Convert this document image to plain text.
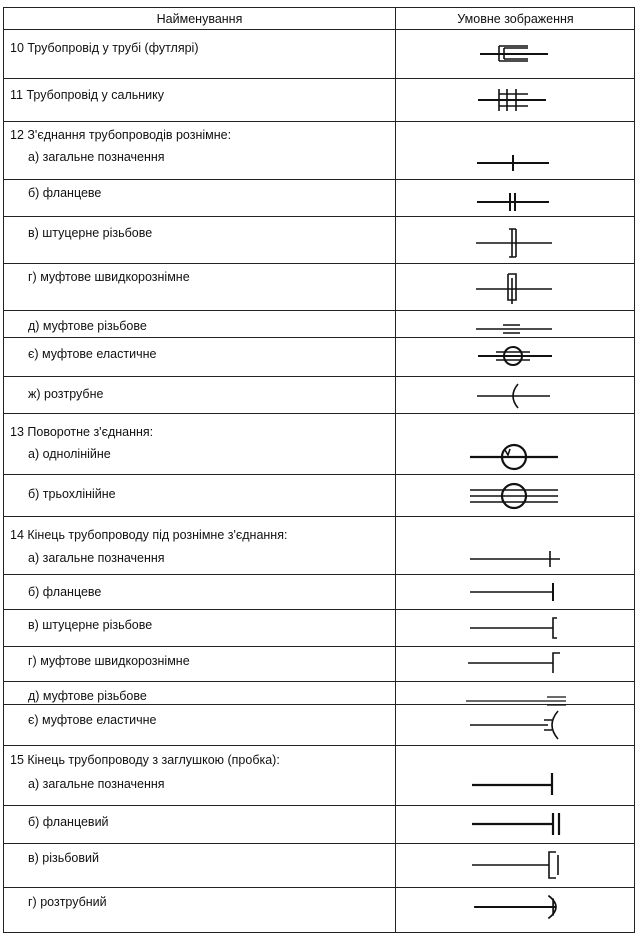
Найменування	Умовне зображення
10 Трубопровід у трубі (футлярі)
11 Трубопровід у сальнику
12 З'єднання трубопроводів рознімне:
а) загальне позначення
б) фланцеве
в) штуцерне різьбове
г) муфтове швидкорознімне
д) муфтове різьбове
є) муфтове еластичне
ж) розтрубне
13 Поворотне з'єднання:
а) однолінійне
б) трьохлінійне
14 Кінець трубопроводу під рознімне з'єднання:
а) загальне позначення
б) фланцеве
в) штуцерне різьбове
г) муфтове швидкорознімне
д) муфтове різьбове
є) муфтове еластичне
15 Кінець трубопроводу з заглушкою (пробка):
а) загальне позначення
б) фланцевий
в) різьбовий
г) розтрубний
